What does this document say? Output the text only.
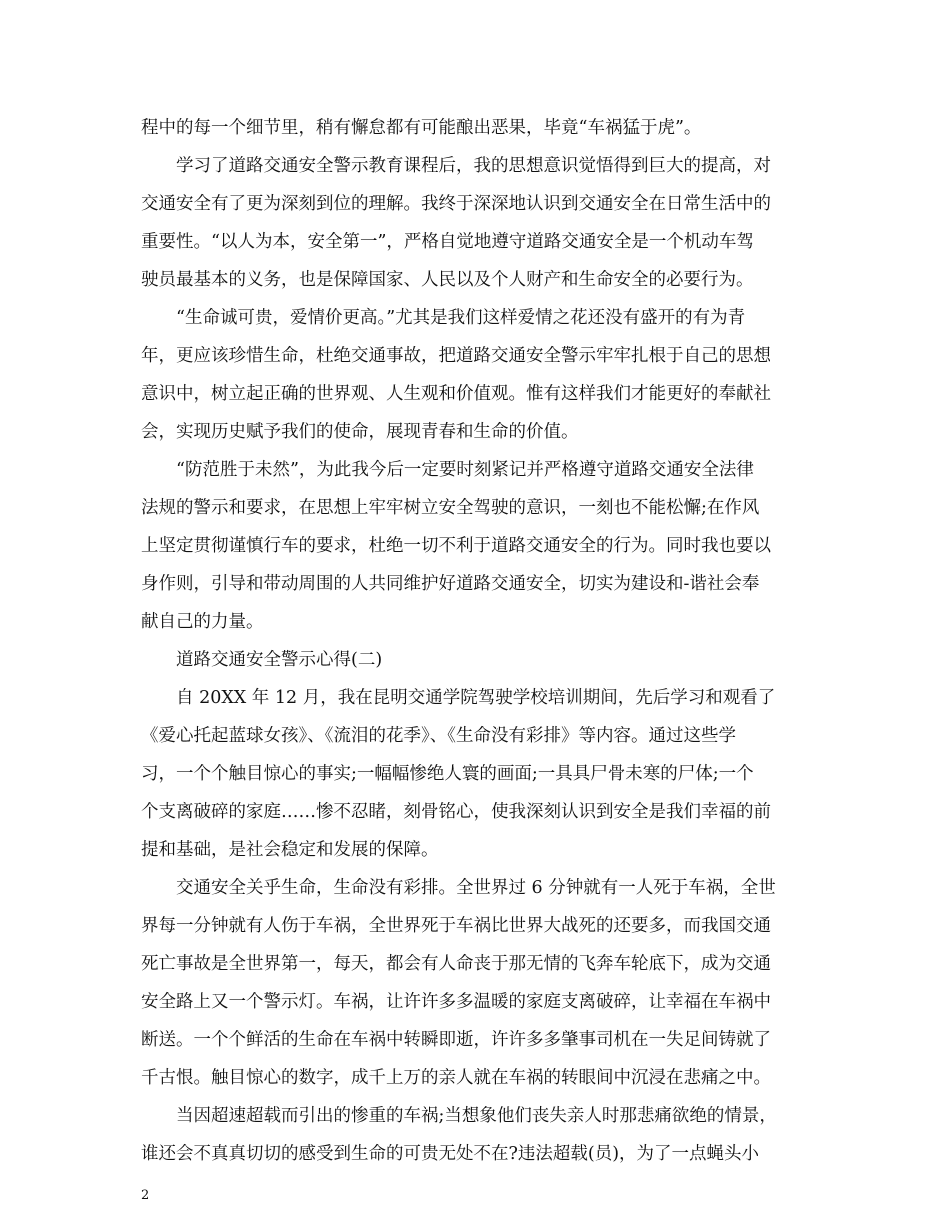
程中的每一个细节里，稍有懈怠都有可能酿出恶果，毕竟“车祸猛于虎”。
　　学习了道路交通安全警示教育课程后，我的思想意识觉悟得到巨大的提高，对
交通安全有了更为深刻到位的理解。我终于深深地认识到交通安全在日常生活中的
重要性。“以人为本，安全第一”，严格自觉地遵守道路交通安全是一个机动车驾
驶员最基本的义务，也是保障国家、人民以及个人财产和生命安全的必要行为。
　　“生命诚可贵，爱情价更高。”尤其是我们这样爱情之花还没有盛开的有为青
年，更应该珍惜生命，杜绝交通事故，把道路交通安全警示牢牢扎根于自己的思想
意识中，树立起正确的世界观、人生观和价值观。惟有这样我们才能更好的奉献社
会，实现历史赋予我们的使命，展现青春和生命的价值。
　　“防范胜于未然”，为此我今后一定要时刻紧记并严格遵守道路交通安全法律
法规的警示和要求，在思想上牢牢树立安全驾驶的意识，一刻也不能松懈;在作风
上坚定贯彻谨慎行车的要求，杜绝一切不利于道路交通安全的行为。同时我也要以
身作则，引导和带动周围的人共同维护好道路交通安全，切实为建设和-谐社会奉
献自己的力量。
　　道路交通安全警示心得(二)
　　自 20XX 年 12 月，我在昆明交通学院驾驶学校培训期间，先后学习和观看了
《爱心托起蓝球女孩》、《流泪的花季》、《生命没有彩排》等内容。通过这些学
习，一个个触目惊心的事实;一幅幅惨绝人寰的画面;一具具尸骨未寒的尸体;一个
个支离破碎的家庭……惨不忍睹，刻骨铭心，使我深刻认识到安全是我们幸福的前
提和基础，是社会稳定和发展的保障。
　　交通安全关乎生命，生命没有彩排。全世界过 6 分钟就有一人死于车祸，全世
界每一分钟就有人伤于车祸，全世界死于车祸比世界大战死的还要多，而我国交通
死亡事故是全世界第一，每天，都会有人命丧于那无情的飞奔车轮底下，成为交通
安全路上又一个警示灯。车祸，让许许多多温暖的家庭支离破碎，让幸福在车祸中
断送。一个个鲜活的生命在车祸中转瞬即逝，许许多多肇事司机在一失足间铸就了
千古恨。触目惊心的数字，成千上万的亲人就在车祸的转眼间中沉浸在悲痛之中。
　　当因超速超载而引出的惨重的车祸;当想象他们丧失亲人时那悲痛欲绝的情景，
谁还会不真真切切的感受到生命的可贵无处不在?违法超载(员)，为了一点蝇头小
2
